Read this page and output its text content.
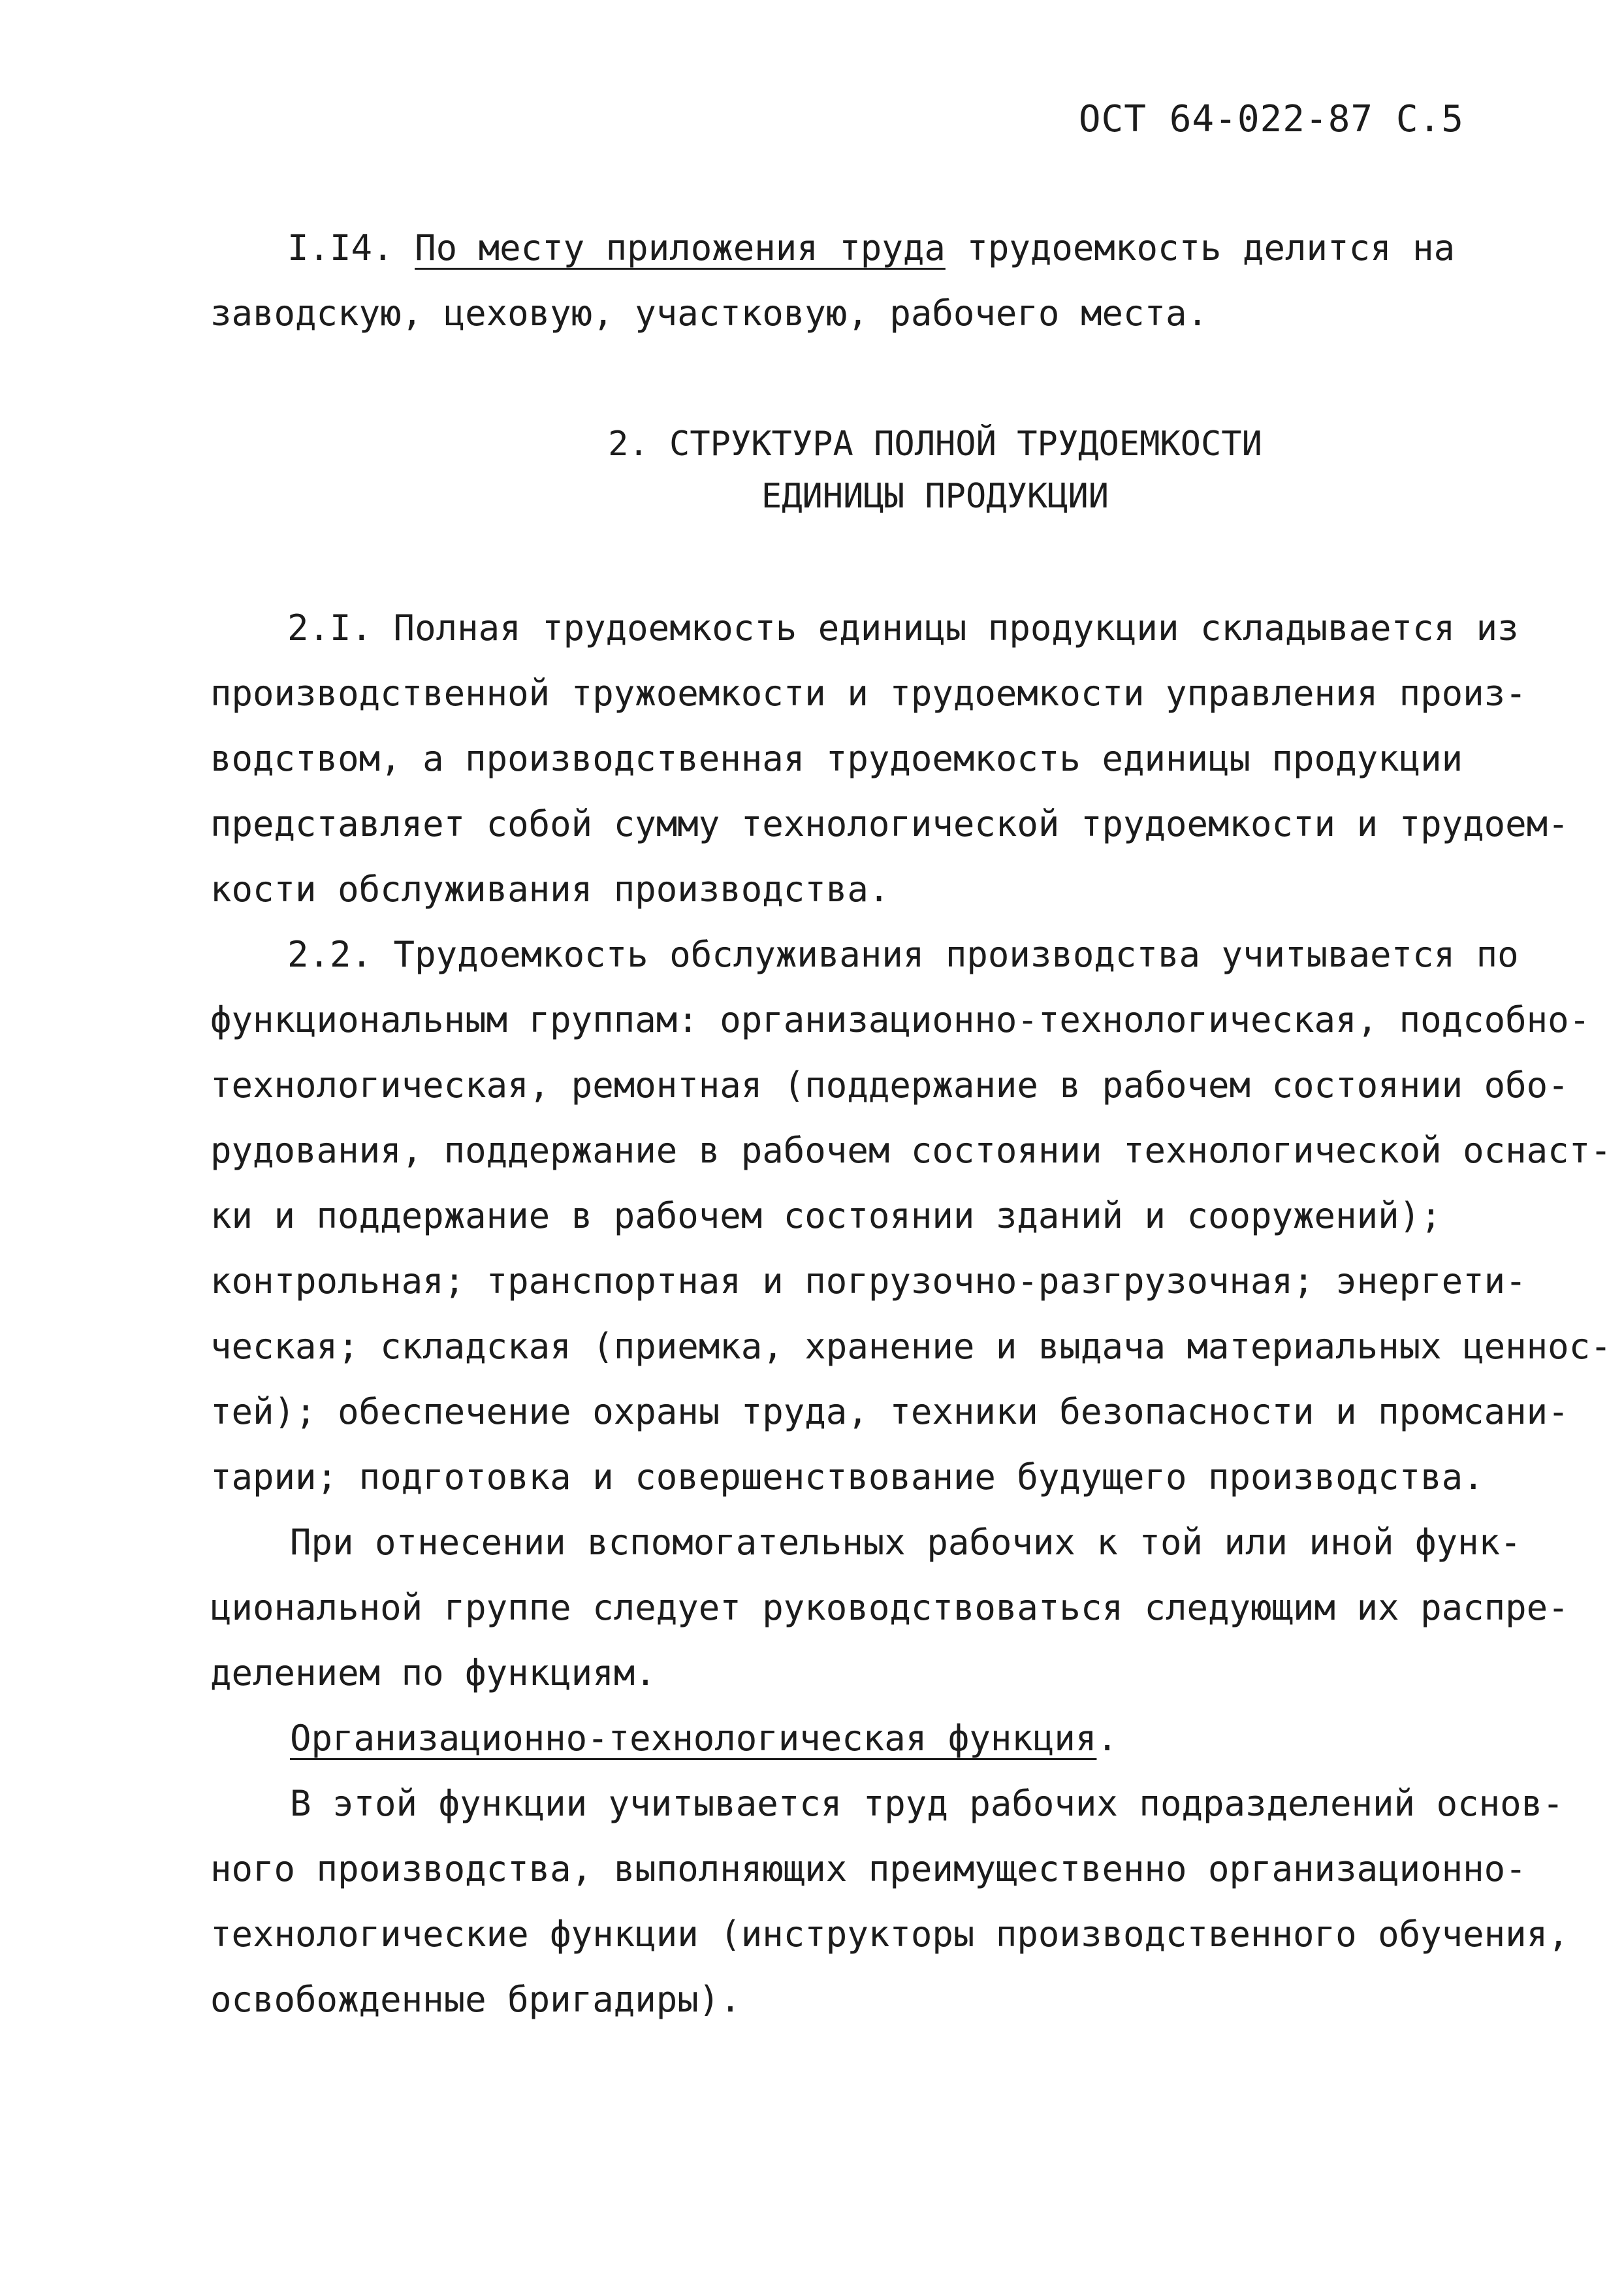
ОСТ 64-022-87 С.5
I.I4. По месту приложения труда трудоемкость делится на
заводскую, цеховую, участковую, рабочего места.
2. СТРУКТУРА ПОЛНОЙ ТРУДОЕМКОСТИ
ЕДИНИЦЫ ПРОДУКЦИИ
2.I. Полная трудоемкость единицы продукции складывается из
производственной тружоемкости и трудоемкости управления произ-
водством, а производственная трудоемкость единицы продукции
представляет собой сумму технологической трудоемкости и трудоем-
кости обслуживания производства.
2.2. Трудоемкость обслуживания производства учитывается по
функциональным группам: организационно-технологическая, подсобно-
технологическая, ремонтная (поддержание в рабочем состоянии обо-
рудования, поддержание в рабочем состоянии технологической оснаст-
ки и поддержание в рабочем состоянии зданий и сооружений);
контрольная; транспортная и погрузочно-разгрузочная; энергети-
ческая; складская (приемка, хранение и выдача материальных ценнос-
тей); обеспечение охраны труда, техники безопасности и промсани-
тарии; подготовка и совершенствование будущего производства.
При отнесении вспомогательных рабочих к той или иной функ-
циональной группе следует руководствоваться следующим их распре-
делением по функциям.
Организационно-технологическая функция.
В этой функции учитывается труд рабочих подразделений основ-
ного производства, выполняющих преимущественно организационно-
технологические функции (инструкторы производственного обучения,
освобожденные бригадиры).
